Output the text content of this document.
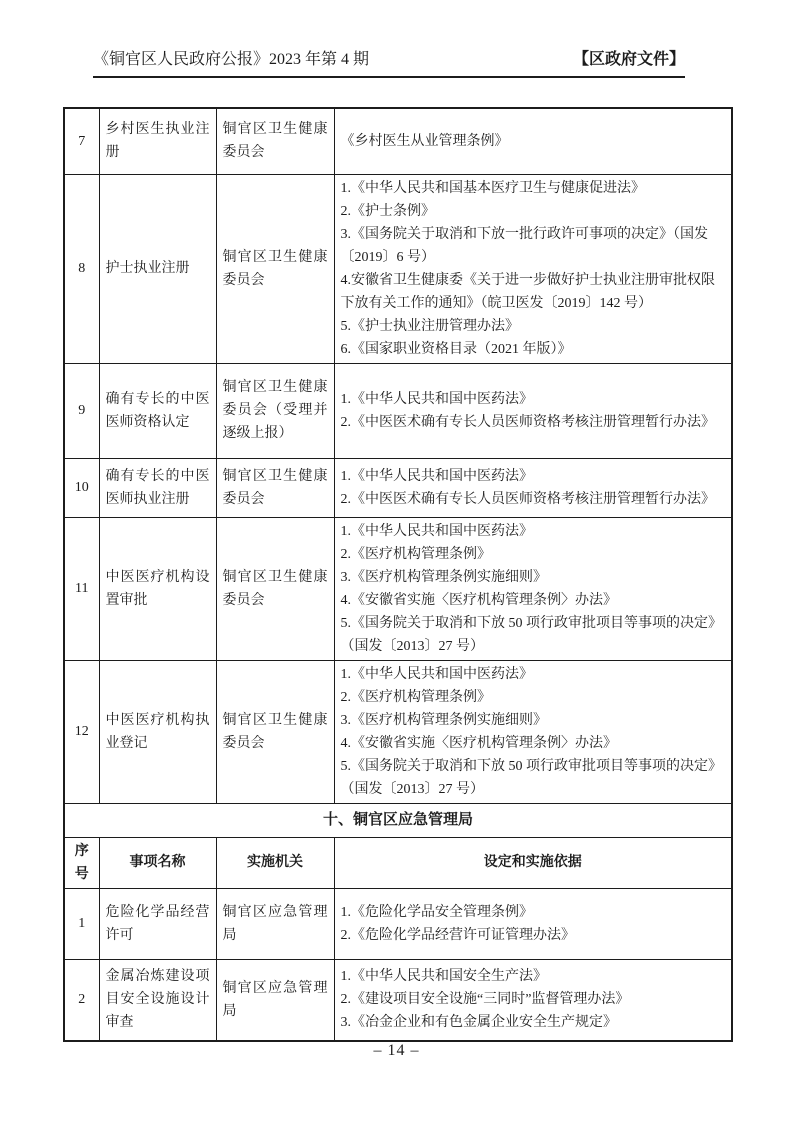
《铜官区人民政府公报》2023 年第 4 期	【区政府文件】
7	乡村医生执业注册	铜官区卫生健康委员会	《乡村医生从业管理条例》

8	护士执业注册	铜官区卫生健康委员会	
1.《中华人民共和国基本医疗卫生与健康促进法》
2.《护士条例》
3.《国务院关于取消和下放一批行政许可事项的决定》（国发〔2019〕6 号）
4.安徽省卫生健康委《关于进一步做好护士执业注册审批权限下放有关工作的通知》（皖卫医发〔2019〕142 号）
5.《护士执业注册管理办法》
6.《国家职业资格目录（2021 年版）》

9	确有专长的中医医师资格认定	铜官区卫生健康委员会（受理并逐级上报）	1.《中华人民共和国中医药法》
2.《中医医术确有专长人员医师资格考核注册管理暂行办法》

10	确有专长的中医医师执业注册	铜官区卫生健康委员会	1.《中华人民共和国中医药法》
2.《中医医术确有专长人员医师资格考核注册管理暂行办法》

11	中医医疗机构设置审批	铜官区卫生健康委员会	1.《中华人民共和国中医药法》
2.《医疗机构管理条例》
3.《医疗机构管理条例实施细则》
4.《安徽省实施〈医疗机构管理条例〉办法》
5.《国务院关于取消和下放 50 项行政审批项目等事项的决定》（国发〔2013〕27 号）

12	中医医疗机构执业登记	铜官区卫生健康委员会	1.《中华人民共和国中医药法》
2.《医疗机构管理条例》
3.《医疗机构管理条例实施细则》
4.《安徽省实施〈医疗机构管理条例〉办法》
5.《国务院关于取消和下放 50 项行政审批项目等事项的决定》（国发〔2013〕27 号）

十、铜官区应急管理局			
序号	事项名称	实施机关	设定和实施依据
1	危险化学品经营许可	铜官区应急管理局	1.《危险化学品安全管理条例》
2.《危险化学品经营许可证管理办法》

2	金属冶炼建设项目安全设施设计审查	铜官区应急管理局	1.《中华人民共和国安全生产法》
2.《建设项目安全设施“三同时”监督管理办法》
3.《冶金企业和有色金属企业安全生产规定》
– 14 –
